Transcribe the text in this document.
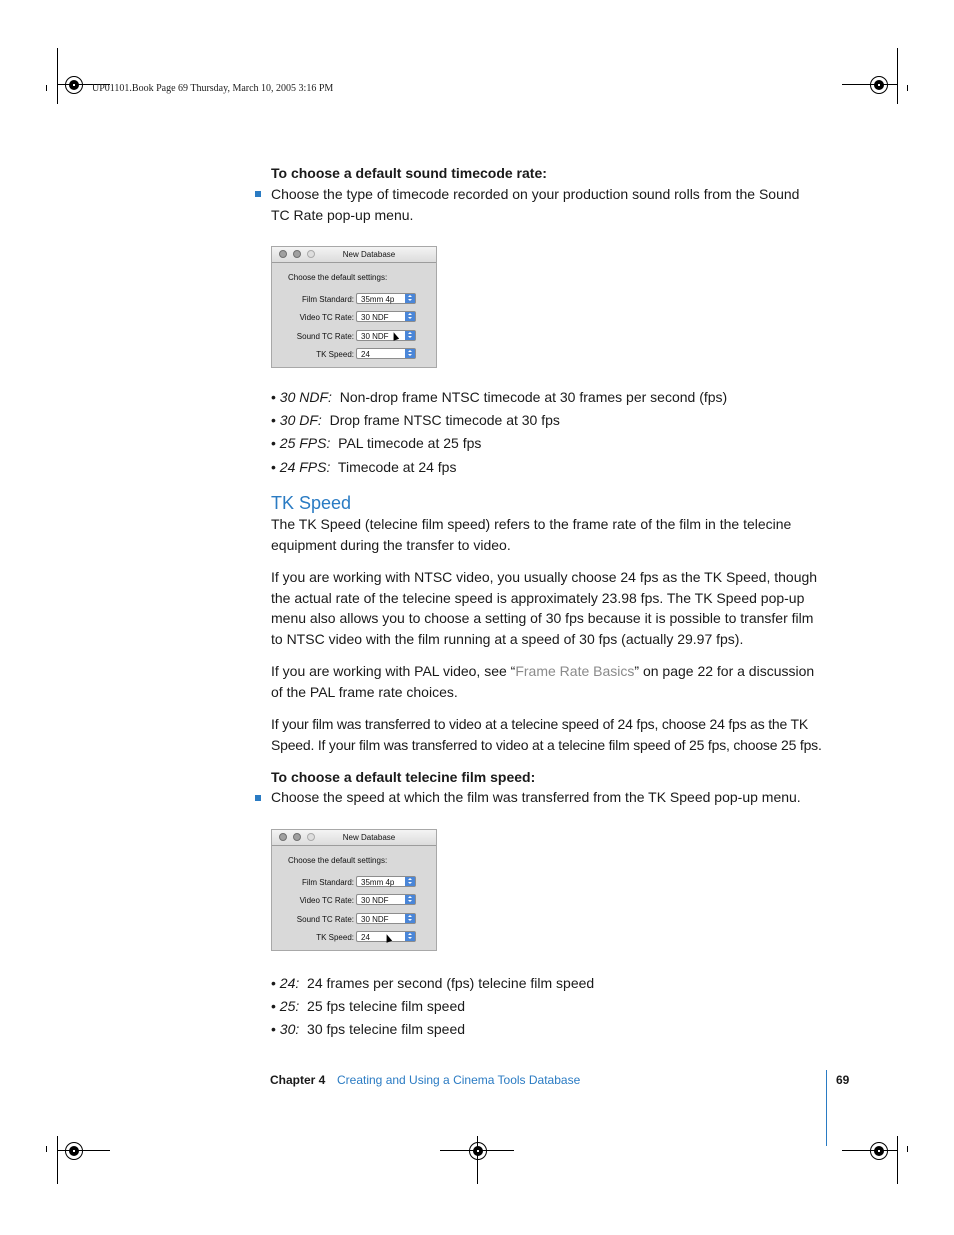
UP01101.Book Page 69 Thursday, March 10, 2005 3:16 PM
To choose a default sound timecode rate:
Choose the type of timecode recorded on your production sound rolls from the Sound TC Rate pop-up menu.
New Database
Choose the default settings:
Film Standard: 35mm 4p
Video TC Rate: 30 NDF
Sound TC Rate: 30 NDF
TK Speed: 24
• 30 NDF: Non-drop frame NTSC timecode at 30 frames per second (fps)
• 30 DF: Drop frame NTSC timecode at 30 fps
• 25 FPS: PAL timecode at 25 fps
• 24 FPS: Timecode at 24 fps
TK Speed
The TK Speed (telecine film speed) refers to the frame rate of the film in the telecine equipment during the transfer to video.
If you are working with NTSC video, you usually choose 24 fps as the TK Speed, though the actual rate of the telecine speed is approximately 23.98 fps. The TK Speed pop-up menu also allows you to choose a setting of 30 fps because it is possible to transfer film to NTSC video with the film running at a speed of 30 fps (actually 29.97 fps).
If you are working with PAL video, see “Frame Rate Basics” on page 22 for a discussion of the PAL frame rate choices.
If your film was transferred to video at a telecine speed of 24 fps, choose 24 fps as the TK Speed. If your film was transferred to video at a telecine film speed of 25 fps, choose 25 fps.
To choose a default telecine film speed:
Choose the speed at which the film was transferred from the TK Speed pop-up menu.
New Database
Choose the default settings:
Film Standard: 35mm 4p
Video TC Rate: 30 NDF
Sound TC Rate: 30 NDF
TK Speed: 24
• 24: 24 frames per second (fps) telecine film speed
• 25: 25 fps telecine film speed
• 30: 30 fps telecine film speed
Chapter 4 Creating and Using a Cinema Tools Database	69
